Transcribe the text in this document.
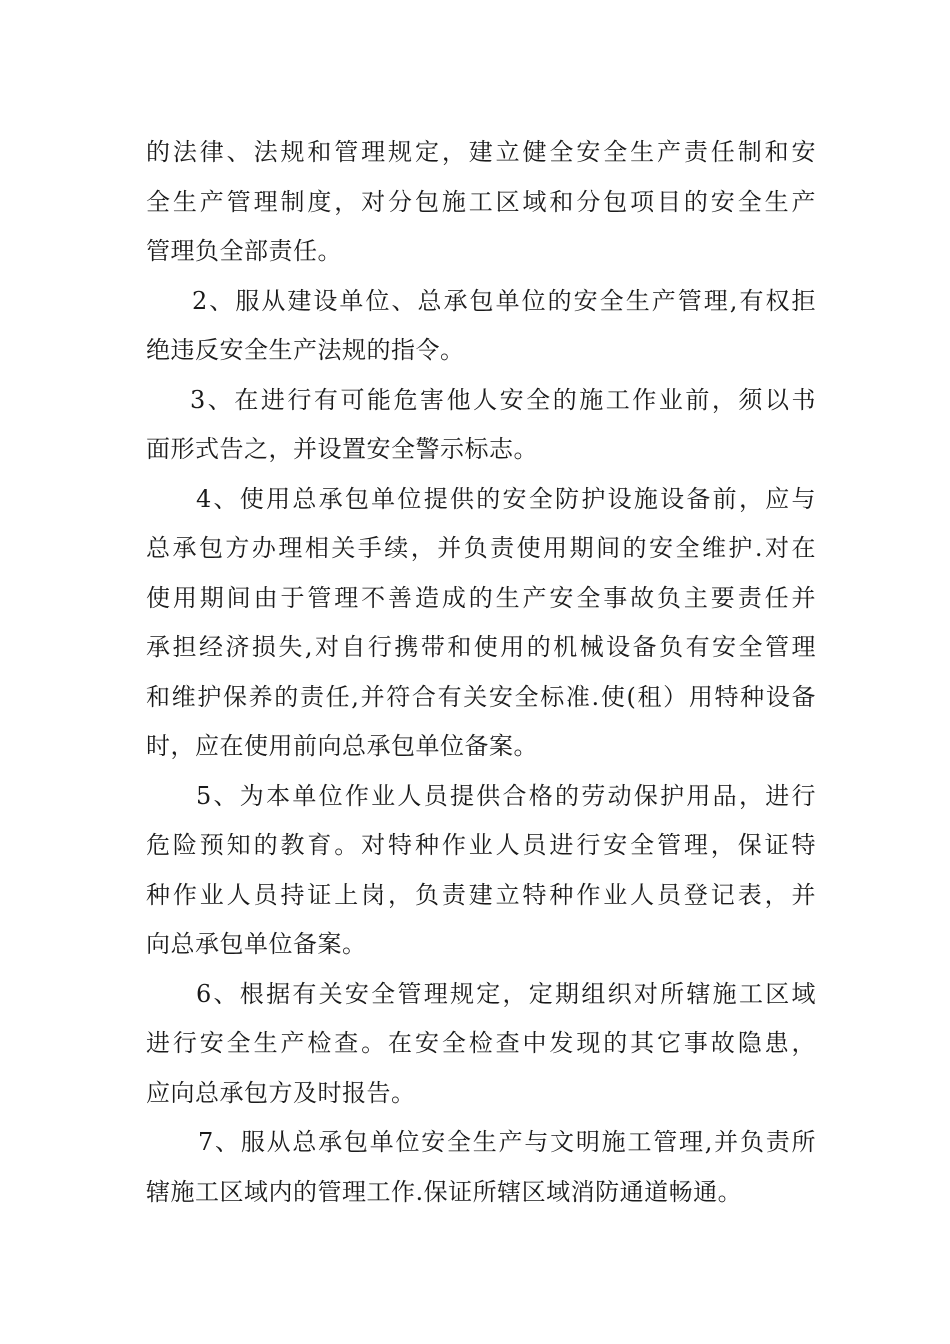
的法律、法规和管理规定，建立健全安全生产责任制和安
全生产管理制度，对分包施工区域和分包项目的安全生产
管理负全部责任。
2、服从建设单位、总承包单位的安全生产管理,有权拒
绝违反安全生产法规的指令。
3、在进行有可能危害他人安全的施工作业前，须以书
面形式告之，并设置安全警示标志。
4、使用总承包单位提供的安全防护设施设备前，应与
总承包方办理相关手续，并负责使用期间的安全维护.对在
使用期间由于管理不善造成的生产安全事故负主要责任并
承担经济损失,对自行携带和使用的机械设备负有安全管理
和维护保养的责任,并符合有关安全标准.使(租）用特种设备
时，应在使用前向总承包单位备案。
5、为本单位作业人员提供合格的劳动保护用品，进行
危险预知的教育。对特种作业人员进行安全管理，保证特
种作业人员持证上岗，负责建立特种作业人员登记表，并
向总承包单位备案。
6、根据有关安全管理规定，定期组织对所辖施工区域
进行安全生产检查。在安全检查中发现的其它事故隐患，
应向总承包方及时报告。
7、服从总承包单位安全生产与文明施工管理,并负责所
辖施工区域内的管理工作.保证所辖区域消防通道畅通。
